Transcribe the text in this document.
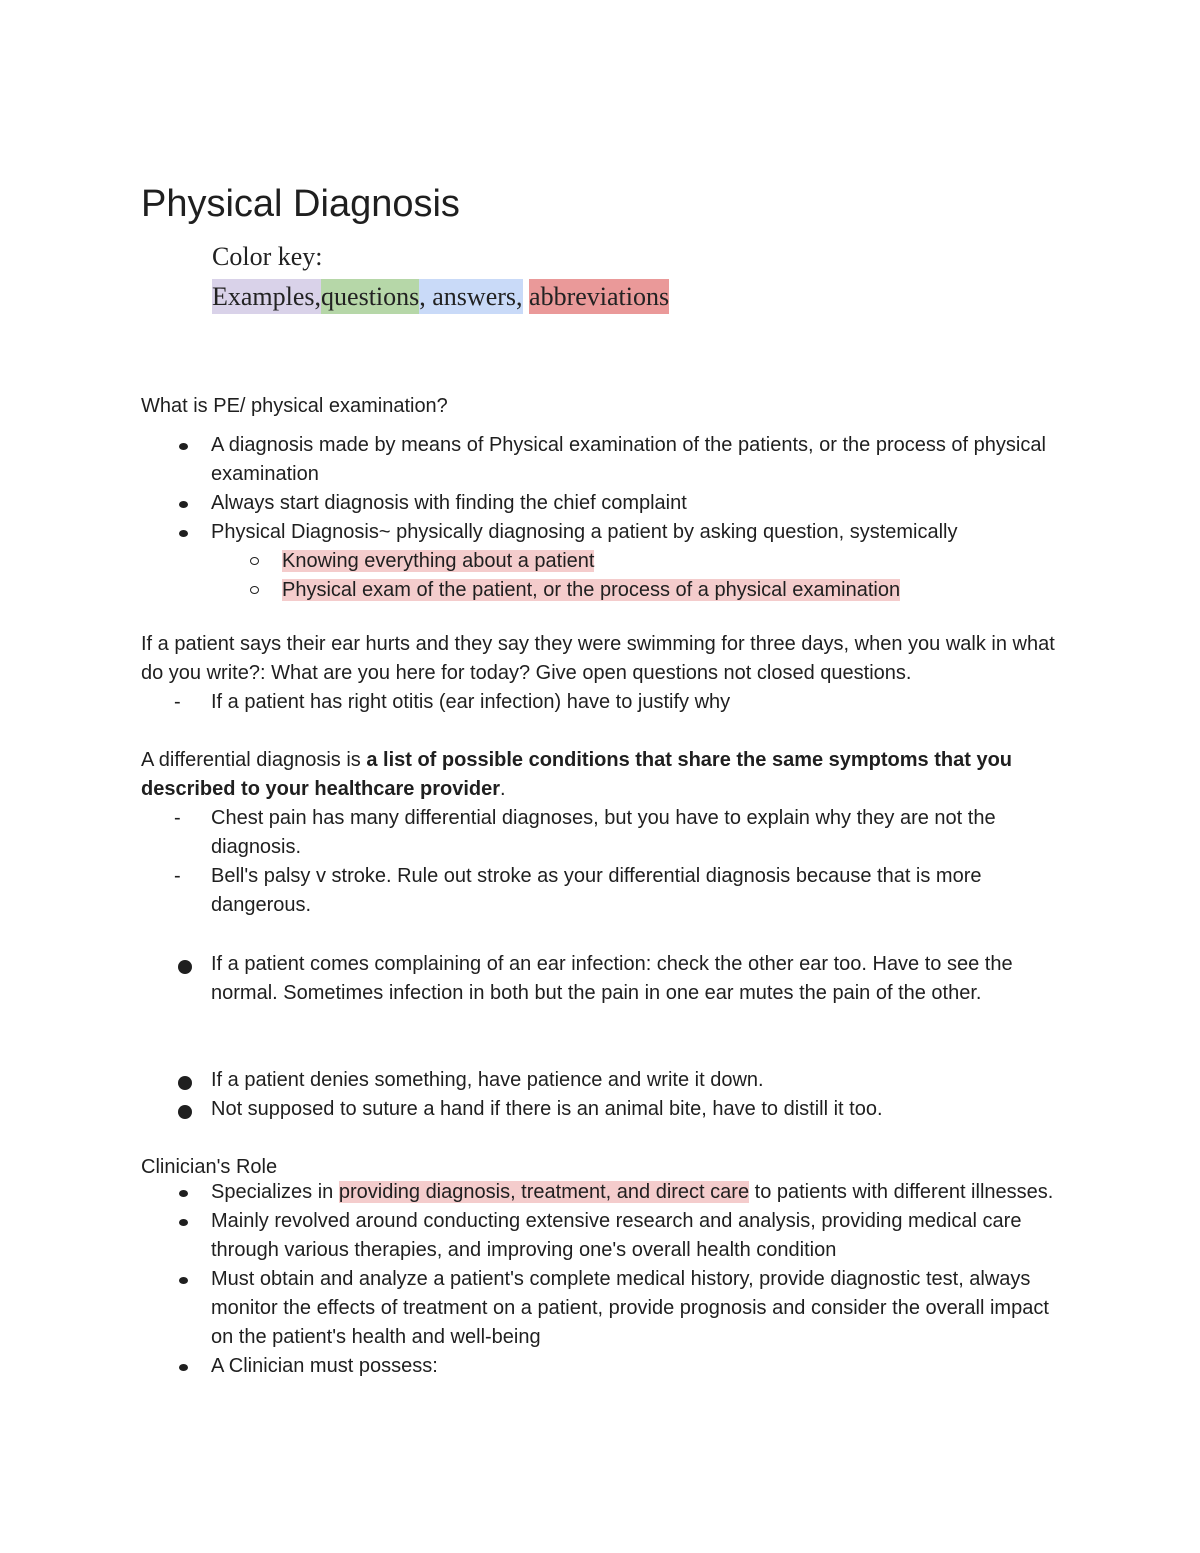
Physical Diagnosis
Color key:
Examples,questions, answers, abbreviations

What is PE/ physical examination?

A diagnosis made by means of Physical examination of the patients, or the process of physical examination
Always start diagnosis with finding the chief complaint
Physical Diagnosis~ physically diagnosing a patient by asking question, systemically
Knowing everything about a patient
Physical exam of the patient, or the process of a physical examination

If a patient says their ear hurts and they say they were swimming for three days, when you walk in what do you write?: What are you here for today? Give open questions not closed questions.

- If a patient has right otitis (ear infection) have to justify why

A differential diagnosis is a list of possible conditions that share the same symptoms that you described to your healthcare provider.

- Chest pain has many differential diagnoses, but you have to explain why they are not the diagnosis.
- Bell's palsy v stroke. Rule out stroke as your differential diagnosis because that is more dangerous.
If a patient comes complaining of an ear infection: check the other ear too. Have to see the normal. Sometimes infection in both but the pain in one ear mutes the pain of the other.
If a patient denies something, have patience and write it down.
Not supposed to suture a hand if there is an animal bite, have to distill it too.

Clinician's Role

Specializes in providing diagnosis, treatment, and direct care to patients with different illnesses.
Mainly revolved around conducting extensive research and analysis, providing medical care through various therapies, and improving one's overall health condition
Must obtain and analyze a patient's complete medical history, provide diagnostic test, always monitor the effects of treatment on a patient, provide prognosis and consider the overall impact on the patient's health and well-being
A Clinician must possess:
